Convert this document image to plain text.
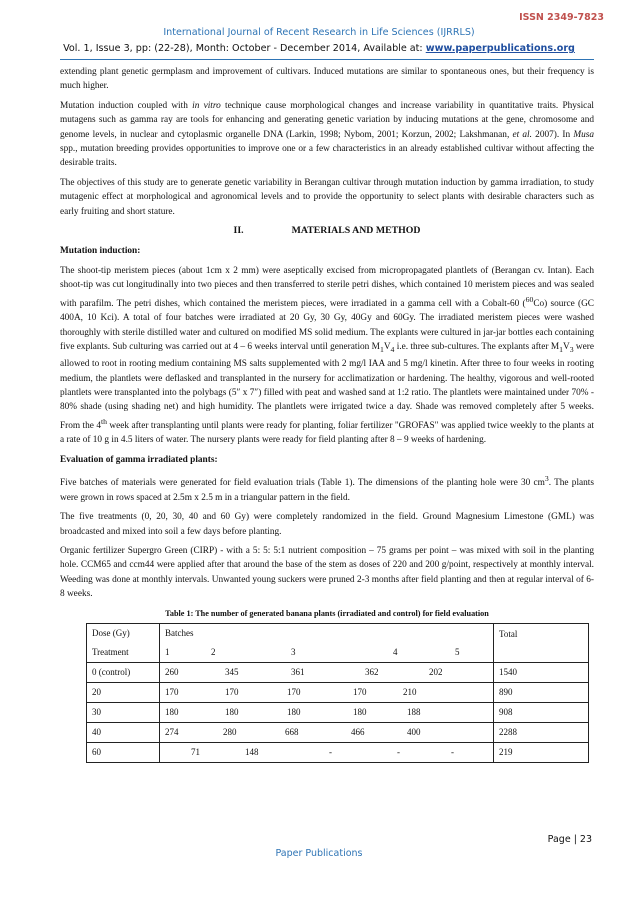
ISSN 2349-7823
International Journal of Recent Research in Life Sciences (IJRRLS)
Vol. 1, Issue 3, pp: (22-28), Month: October - December 2014, Available at: www.paperpublications.org

extending plant genetic germplasm and improvement of cultivars. Induced mutations are similar to spontaneous ones, but their frequency is much higher.

Mutation induction coupled with in vitro technique cause morphological changes and increase variability in quantitative traits. Physical mutagens such as gamma ray are tools for enhancing and generating genetic variation by inducing mutations at the gene, chromosome and genome levels, in nuclear and cytoplasmic organelle DNA (Larkin, 1998; Nybom, 2001; Korzun, 2002; Lakshmanan, et al. 2007). In Musa spp., mutation breeding provides opportunities to improve one or a few characteristics in an already established cultivar without affecting the desirable traits.

The objectives of this study are to generate genetic variability in Berangan cultivar through mutation induction by gamma irradiation, to study mutagenic effect at morphological and agronomical levels and to provide the opportunity to select plants with desirable characters such as early fruiting and short stature.

II.	MATERIALS AND METHOD
Mutation induction:

The shoot-tip meristem pieces (about 1cm x 2 mm) were aseptically excised from micropropagated plantlets of (Berangan cv. Intan). Each shoot-tip was cut longitudinally into two pieces and then transferred to sterile petri dishes, which contained 10 meristem pieces and was sealed with parafilm. The petri dishes, which contained the meristem pieces, were irradiated in a gamma cell with a Cobalt-60 ($^{60}$Co) source (GC 400A, 10 Kci). A total of four batches were irradiated at 20 Gy, 30 Gy, 40Gy and 60Gy. The irradiated meristem pieces were washed thoroughly with sterile distilled water and cultured on modified MS solid medium. The explants were cultured in jar-jar bottles each containing five explants. Sub culturing was carried out at 4 – 6 weeks interval until generation $M_1V_4$ i.e. three sub-cultures. The explants after $M_1V_3$ were allowed to root in rooting medium containing MS salts supplemented with 2 mg/l IAA and 5 mg/l kinetin. After three to four weeks in rooting medium, the plantlets were deflasked and transplanted in the nursery for acclimatization or hardening. The healthy, vigorous and well-rooted plantlets were transplanted into the polybags (5″ x 7″) filled with peat and washed sand at 1:2 ratio. The plantlets were maintained under 70% - 80% shade (using shading net) and high humidity. The plantlets were irrigated twice a day. Shade was removed completely after 5 weeks. From the 4th week after transplanting until plants were ready for planting, foliar fertilizer "GROFAS" was applied twice weekly to the plants at a rate of 10 g in 4.5 liters of water. The nursery plants were ready for field planting after 8 – 9 weeks of hardening.

Evaluation of gamma irradiated plants:

Five batches of materials were generated for field evaluation trials (Table 1). The dimensions of the planting hole were 30 $cm^3$. The plants were grown in rows spaced at 2.5m x 2.5 m in a triangular pattern in the field.

The five treatments (0, 20, 30, 40 and 60 Gy) were completely randomized in the field. Ground Magnesium Limestone (GML) was broadcasted and mixed into soil a few days before planting.

Organic fertilizer Supergro Green (CIRP) - with a 5: 5: 5:1 nutrient composition – 75 grams per point – was mixed with soil in the planting hole. CCM65 and ccm44 were applied after that around the base of the stem as doses of 220 and 200 g/point, respectively at monthly interval. Weeding was done at monthly intervals. Unwanted young suckers were pruned 2-3 months after field planting and then at regular interval of 6-8 weeks.

Table 1: The number of generated banana plants (irradiated and control) for field evaluation
Dose (Gy)	Batches	Total
Treatment	1 2 3 4 5	

0 (control)	260 345 361 362 202	1540
20	170 170 170 170 210	890
30	180 180 180 180 188	908
40	274 280 668 466 400	2288
60	71 148 - - -	219
Page | 23
Paper Publications
